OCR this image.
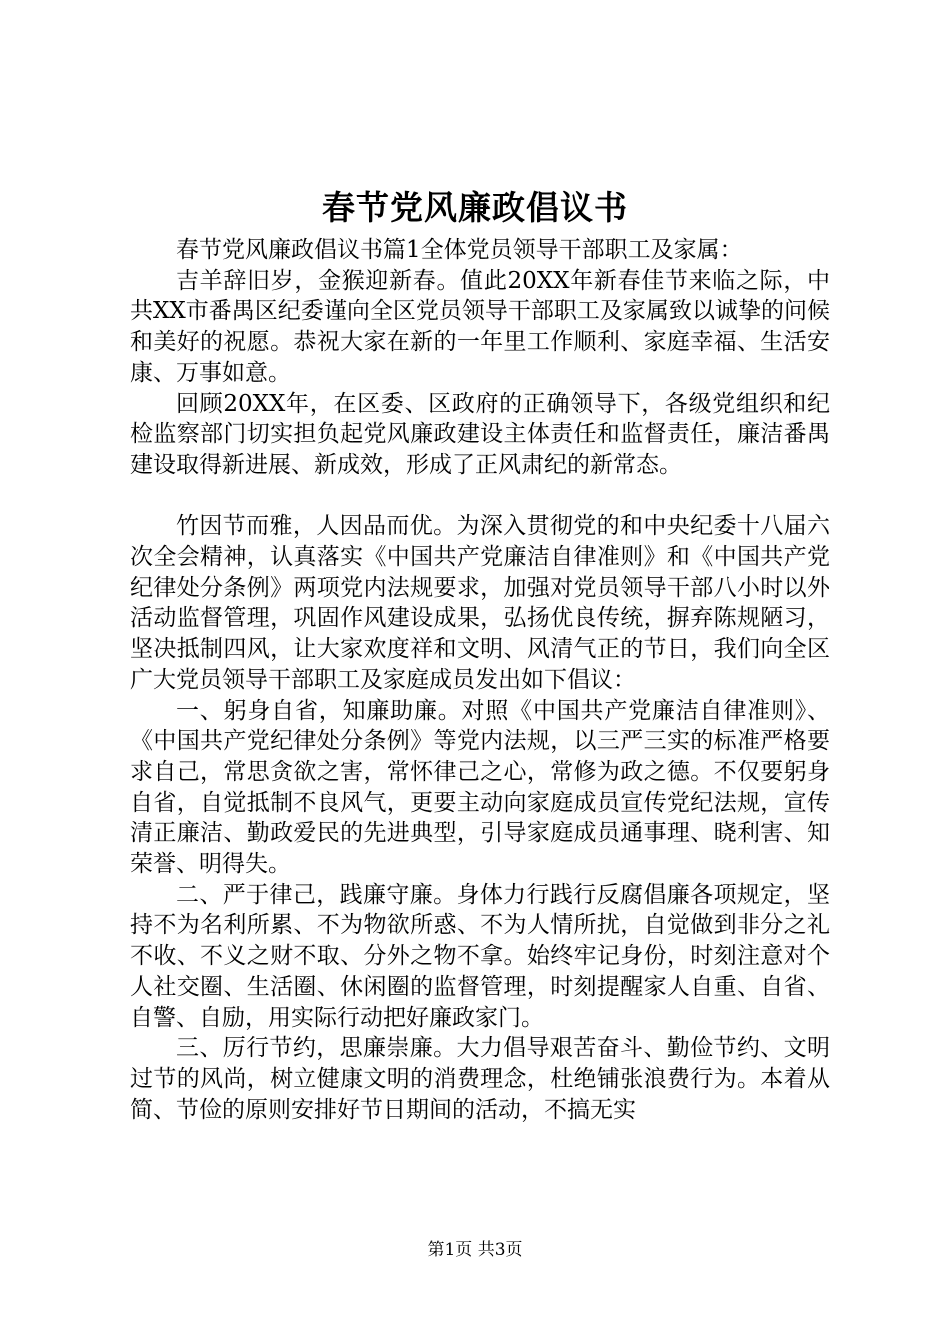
春节党风廉政倡议书

春节党风廉政倡议书篇1全体党员领导干部职工及家属：

吉羊辞旧岁，金猴迎新春。值此20XX年新春佳节来临之际，中共XX市番禺区纪委谨向全区党员领导干部职工及家属致以诚挚的问候和美好的祝愿。恭祝大家在新的一年里工作顺利、家庭幸福、生活安康、万事如意。

回顾20XX年，在区委、区政府的正确领导下，各级党组织和纪检监察部门切实担负起党风廉政建设主体责任和监督责任，廉洁番禺建设取得新进展、新成效，形成了正风肃纪的新常态。

竹因节而雅，人因品而优。为深入贯彻党的和中央纪委十八届六次全会精神，认真落实《中国共产党廉洁自律准则》和《中国共产党纪律处分条例》两项党内法规要求，加强对党员领导干部八小时以外活动监督管理，巩固作风建设成果，弘扬优良传统，摒弃陈规陋习，坚决抵制四风，让大家欢度祥和文明、风清气正的节日，我们向全区广大党员领导干部职工及家庭成员发出如下倡议：

一、躬身自省，知廉助廉。对照《中国共产党廉洁自律准则》、《中国共产党纪律处分条例》等党内法规，以三严三实的标准严格要求自己，常思贪欲之害，常怀律己之心，常修为政之德。不仅要躬身自省，自觉抵制不良风气，更要主动向家庭成员宣传党纪法规，宣传清正廉洁、勤政爱民的先进典型，引导家庭成员通事理、晓利害、知荣誉、明得失。

二、严于律己，践廉守廉。身体力行践行反腐倡廉各项规定，坚持不为名利所累、不为物欲所惑、不为人情所扰，自觉做到非分之礼不收、不义之财不取、分外之物不拿。始终牢记身份，时刻注意对个人社交圈、生活圈、休闲圈的监督管理，时刻提醒家人自重、自省、自警、自励，用实际行动把好廉政家门。

三、厉行节约，思廉崇廉。大力倡导艰苦奋斗、勤俭节约、文明过节的风尚，树立健康文明的消费理念，杜绝铺张浪费行为。本着从简、节俭的原则安排好节日期间的活动，不搞无实

第1页 共3页
